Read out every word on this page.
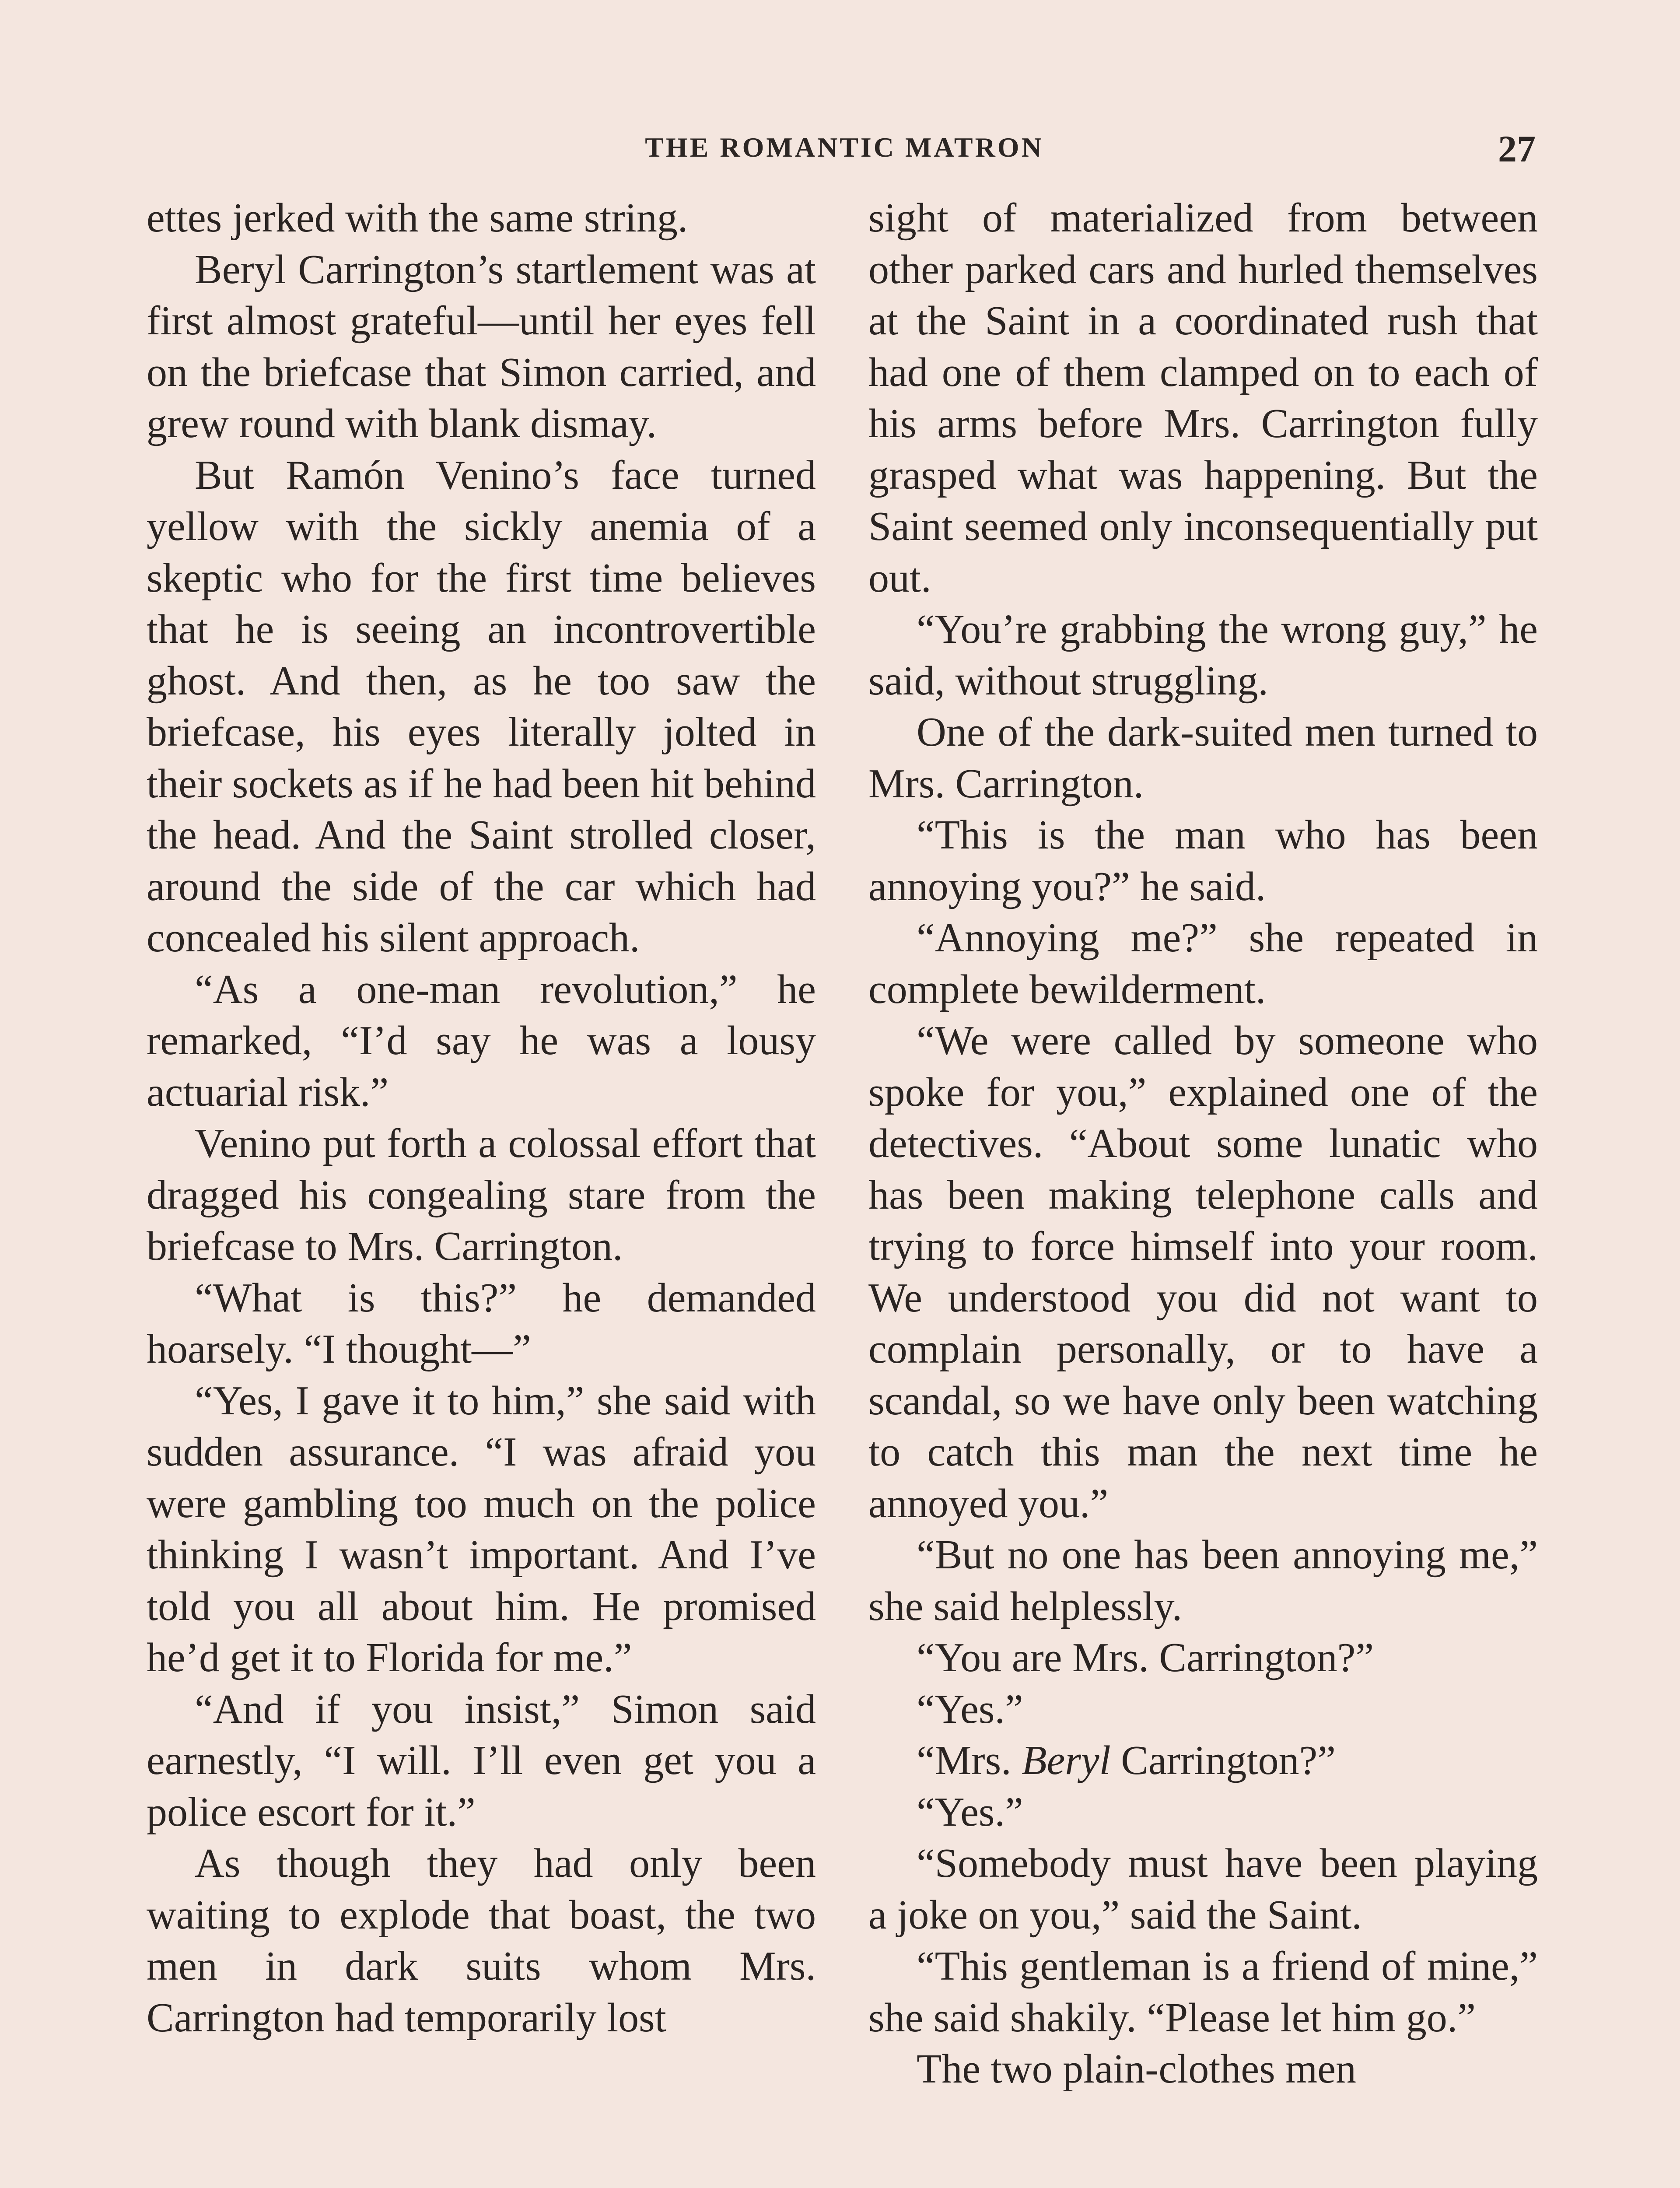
THE ROMANTIC MATRON	27

ettes jerked with the same string.

Beryl Carrington’s startlement was at first almost grateful—until her eyes fell on the briefcase that Simon carried, and grew round with blank dismay.

But Ramón Venino’s face turned yellow with the sickly anemia of a skeptic who for the first time believes that he is seeing an incontrovertible ghost. And then, as he too saw the briefcase, his eyes literally jolted in their sockets as if he had been hit behind the head. And the Saint strolled closer, around the side of the car which had concealed his silent approach.

“As a one-man revolution,” he remarked, “I’d say he was a lousy actuarial risk.”

Venino put forth a colossal effort that dragged his congealing stare from the briefcase to Mrs. Carrington.

“What is this?” he demanded hoarsely. “I thought—”

“Yes, I gave it to him,” she said with sudden assurance. “I was afraid you were gambling too much on the police thinking I wasn’t important. And I’ve told you all about him. He promised he’d get it to Florida for me.”

“And if you insist,” Simon said earnestly, “I will. I’ll even get you a police escort for it.”

As though they had only been waiting to explode that boast, the two men in dark suits whom Mrs. Carrington had temporarily lost

sight of materialized from between other parked cars and hurled themselves at the Saint in a coordinated rush that had one of them clamped on to each of his arms before Mrs. Carrington fully grasped what was happening. But the Saint seemed only inconsequentially put out.

“You’re grabbing the wrong guy,” he said, without struggling.

One of the dark-suited men turned to Mrs. Carrington.

“This is the man who has been annoying you?” he said.

“Annoying me?” she repeated in complete bewilderment.

“We were called by someone who spoke for you,” explained one of the detectives. “About some lunatic who has been making telephone calls and trying to force himself into your room. We understood you did not want to complain personally, or to have a scandal, so we have only been watching to catch this man the next time he annoyed you.”

“But no one has been annoying me,” she said helplessly.

“You are Mrs. Carrington?”

“Yes.”

“Mrs. Beryl Carrington?”

“Yes.”

“Somebody must have been playing a joke on you,” said the Saint.

“This gentleman is a friend of mine,” she said shakily. “Please let him go.”

The two plain-clothes men
